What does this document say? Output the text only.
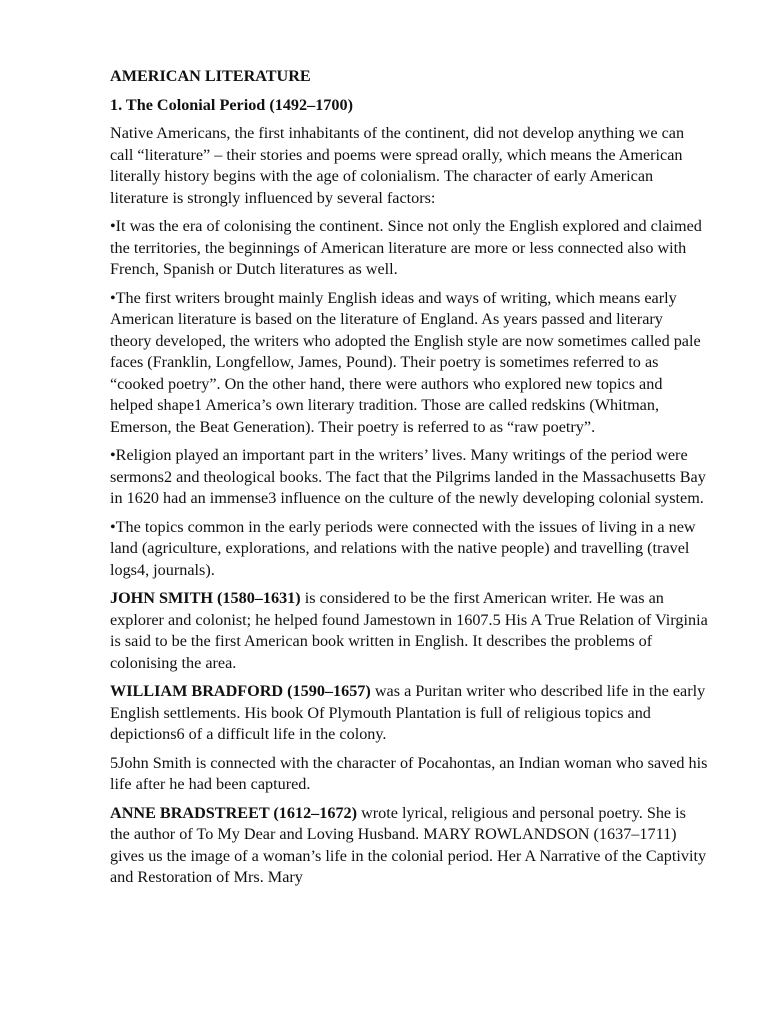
AMERICAN LITERATURE
1. The Colonial Period (1492–1700)

Native Americans, the first inhabitants of the continent, did not develop anything we can call “literature” – their stories and poems were spread orally, which means the American literally history begins with the age of colonialism. The character of early American literature is strongly influenced by several factors:

•It was the era of colonising the continent. Since not only the English explored and claimed the territories, the beginnings of American literature are more or less connected also with French, Spanish or Dutch literatures as well.

•The first writers brought mainly English ideas and ways of writing, which means early American literature is based on the literature of England. As years passed and literary theory developed, the writers who adopted the English style are now sometimes called pale faces (Franklin, Longfellow, James, Pound). Their poetry is sometimes referred to as “cooked poetry”. On the other hand, there were authors who explored new topics and helped shape1 America’s own literary tradition. Those are called redskins (Whitman, Emerson, the Beat Generation). Their poetry is referred to as “raw poetry”.

•Religion played an important part in the writers’ lives. Many writings of the period were sermons2 and theological books. The fact that the Pilgrims landed in the Massachusetts Bay in 1620 had an immense3 influence on the culture of the newly developing colonial system.

•The topics common in the early periods were connected with the issues of living in a new land (agriculture, explorations, and relations with the native people) and travelling (travel logs4, journals).

JOHN SMITH (1580–1631) is considered to be the first American writer. He was an explorer and colonist; he helped found Jamestown in 1607.5 His A True Relation of Virginia is said to be the first American book written in English. It describes the problems of colonising the area.

WILLIAM BRADFORD (1590–1657) was a Puritan writer who described life in the early English settlements. His book Of Plymouth Plantation is full of religious topics and depictions6 of a difficult life in the colony.

5John Smith is connected with the character of Pocahontas, an Indian woman who saved his life after he had been captured.

ANNE BRADSTREET (1612–1672) wrote lyrical, religious and personal poetry. She is the author of To My Dear and Loving Husband. MARY ROWLANDSON (1637–1711) gives us the image of a woman’s life in the colonial period. Her A Narrative of the Captivity and Restoration of Mrs. Mary
